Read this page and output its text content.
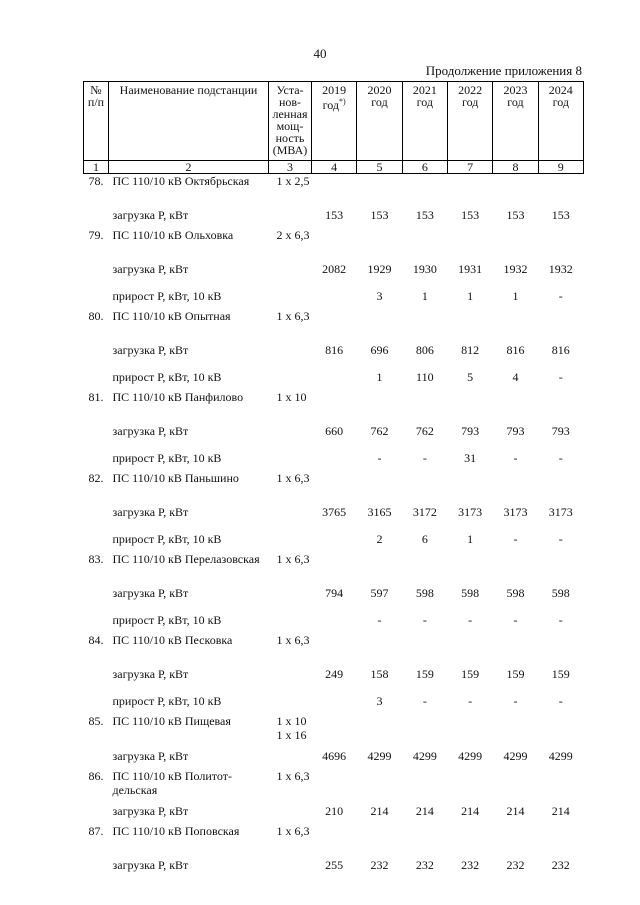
40
Продолжение приложения 8
№ п/п	Наименование подстанции	Уста-нов-ленная мощ-ность (МВА)	2019 год*)	2020 год	2021 год	2022 год	2023 год	2024 год
1	2	3	4	5	6	7	8	9
78.	ПС 110/10 кВ Октябрьская	1 x 2,5						
	загрузка Р, кВт		153	153	153	153	153	153
79.	ПС 110/10 кВ Ольховка	2 x 6,3						
	загрузка Р, кВт		2082	1929	1930	1931	1932	1932
	прирост Р, кВт, 10 кВ			3	1	1	1	-
80.	ПС 110/10 кВ Опытная	1 x 6,3						
	загрузка Р, кВт		816	696	806	812	816	816
	прирост Р, кВт, 10 кВ			1	110	5	4	-
81.	ПС 110/10 кВ Панфилово	1 x 10						
	загрузка Р, кВт		660	762	762	793	793	793
	прирост Р, кВт, 10 кВ			-	-	31	-	-
82.	ПС 110/10 кВ Паньшино	1 x 6,3						
	загрузка Р, кВт		3765	3165	3172	3173	3173	3173
	прирост Р, кВт, 10 кВ			2	6	1	-	-
83.	ПС 110/10 кВ Перелазовская	1 x 6,3						
	загрузка Р, кВт		794	597	598	598	598	598
	прирост Р, кВт, 10 кВ			-	-	-	-	-
84.	ПС 110/10 кВ Песковка	1 x 6,3						
	загрузка Р, кВт		249	158	159	159	159	159
	прирост Р, кВт, 10 кВ			3	-	-	-	-
85.	ПС 110/10 кВ Пищевая	1 x 10
1 x 16						
	загрузка Р, кВт		4696	4299	4299	4299	4299	4299
86.	ПС 110/10 кВ Политот-дельская	1 x 6,3						
	загрузка Р, кВт		210	214	214	214	214	214
87.	ПС 110/10 кВ Поповская	1 x 6,3						
	загрузка Р, кВт		255	232	232	232	232	232
